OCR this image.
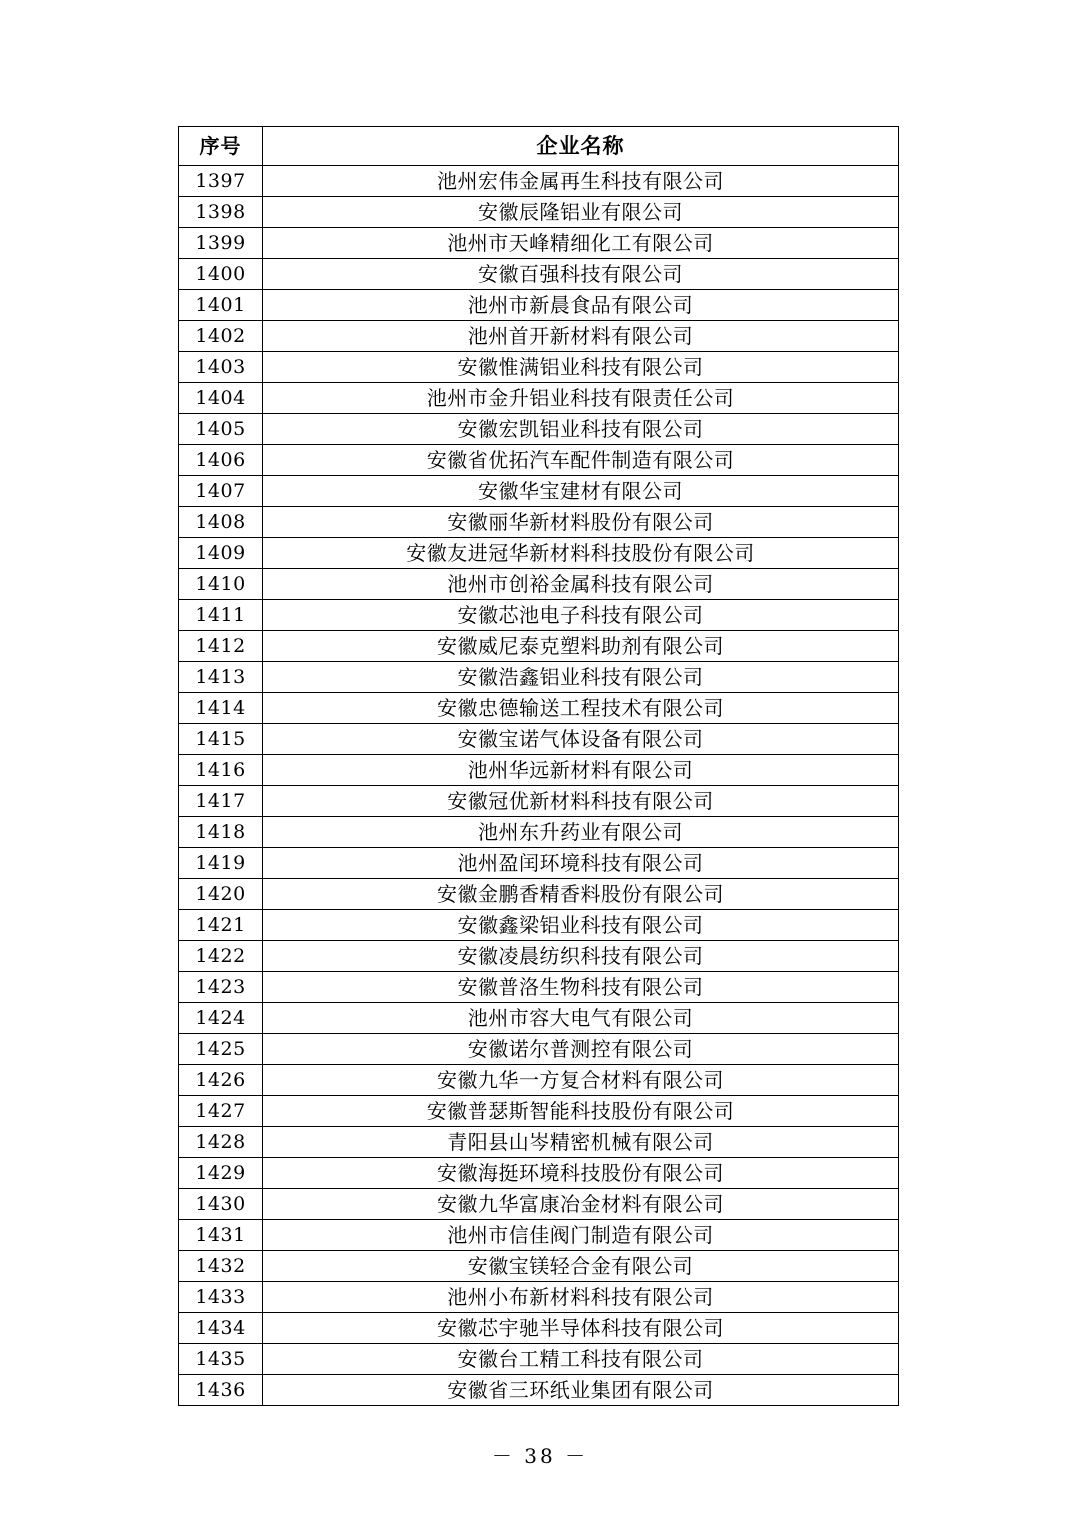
序号	企业名称
1397	池州宏伟金属再生科技有限公司
1398	安徽辰隆铝业有限公司
1399	池州市天峰精细化工有限公司
1400	安徽百强科技有限公司
1401	池州市新晨食品有限公司
1402	池州首开新材料有限公司
1403	安徽惟满铝业科技有限公司
1404	池州市金升铝业科技有限责任公司
1405	安徽宏凯铝业科技有限公司
1406	安徽省优拓汽车配件制造有限公司
1407	安徽华宝建材有限公司
1408	安徽丽华新材料股份有限公司
1409	安徽友进冠华新材料科技股份有限公司
1410	池州市创裕金属科技有限公司
1411	安徽芯池电子科技有限公司
1412	安徽威尼泰克塑料助剂有限公司
1413	安徽浩鑫铝业科技有限公司
1414	安徽忠德输送工程技术有限公司
1415	安徽宝诺气体设备有限公司
1416	池州华远新材料有限公司
1417	安徽冠优新材料科技有限公司
1418	池州东升药业有限公司
1419	池州盈闰环境科技有限公司
1420	安徽金鹏香精香料股份有限公司
1421	安徽鑫梁铝业科技有限公司
1422	安徽凌晨纺织科技有限公司
1423	安徽普洛生物科技有限公司
1424	池州市容大电气有限公司
1425	安徽诺尔普测控有限公司
1426	安徽九华一方复合材料有限公司
1427	安徽普瑟斯智能科技股份有限公司
1428	青阳县山岑精密机械有限公司
1429	安徽海挺环境科技股份有限公司
1430	安徽九华富康冶金材料有限公司
1431	池州市信佳阀门制造有限公司
1432	安徽宝镁轻合金有限公司
1433	池州小布新材料科技有限公司
1434	安徽芯宇驰半导体科技有限公司
1435	安徽台工精工科技有限公司
1436	安徽省三环纸业集团有限公司
－ 38 －
